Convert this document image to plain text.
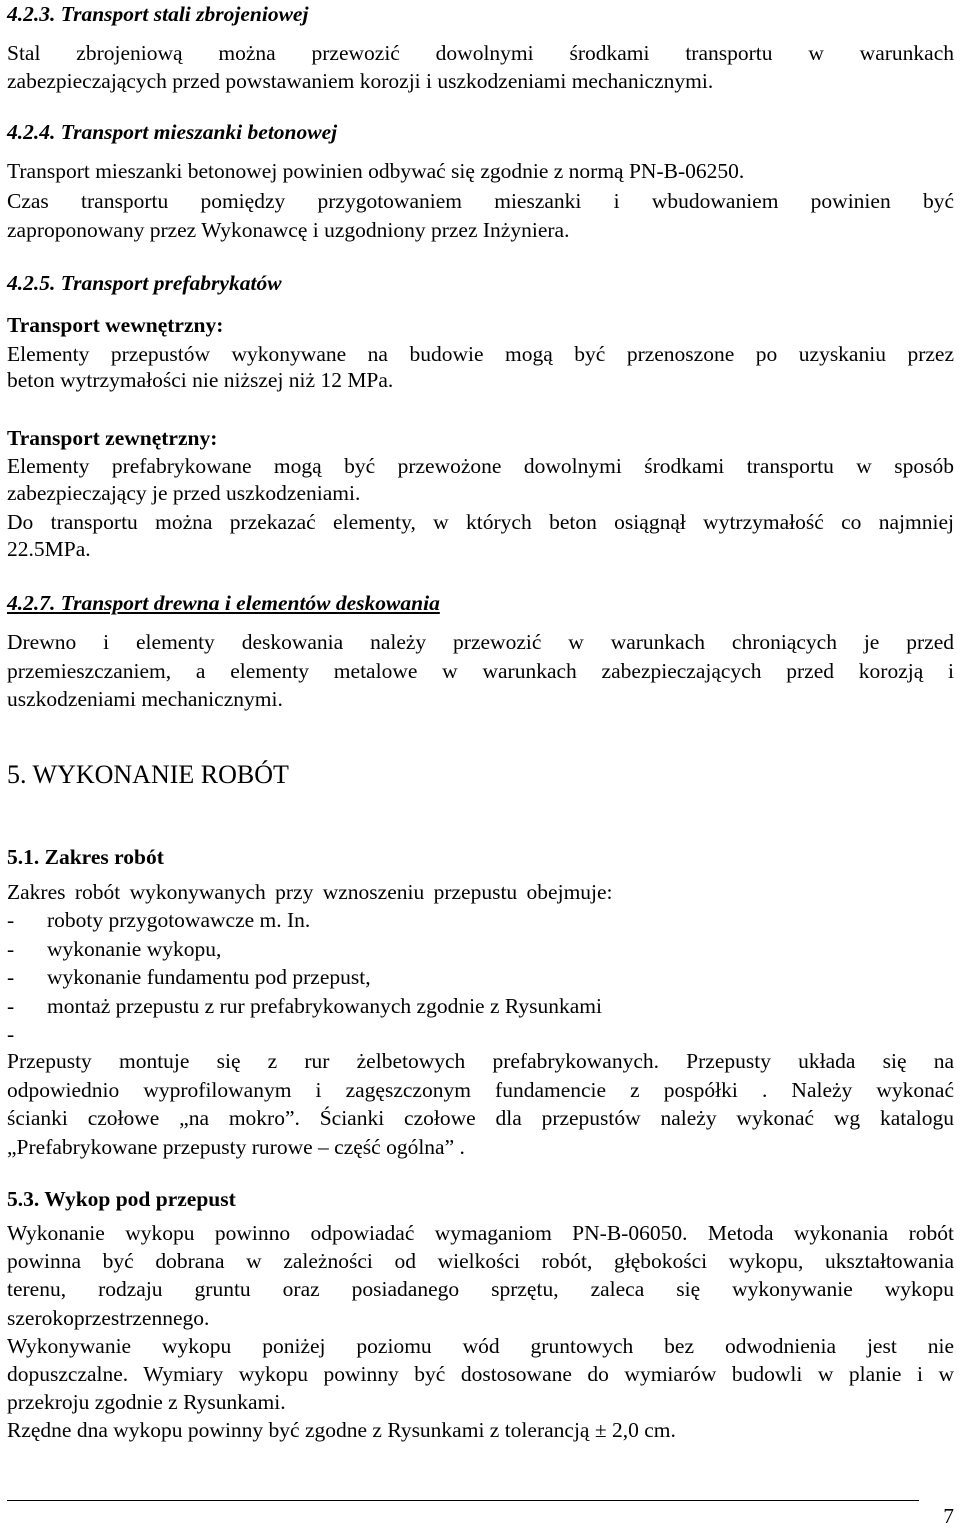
4.2.3. Transport stali zbrojeniowej

Stal zbrojeniową można przewozić dowolnymi środkami transportu w warunkach

zabezpieczających przed powstawaniem korozji i uszkodzeniami mechanicznymi.

4.2.4. Transport mieszanki betonowej

Transport mieszanki betonowej powinien odbywać się zgodnie z normą PN-B-06250.

Czas transportu pomiędzy przygotowaniem mieszanki i wbudowaniem powinien być

zaproponowany przez Wykonawcę i uzgodniony przez Inżyniera.

4.2.5. Transport prefabrykatów

Transport wewnętrzny:

Elementy przepustów wykonywane na budowie mogą być przenoszone po uzyskaniu przez

beton wytrzymałości nie niższej niż 12 MPa.

Transport zewnętrzny:

Elementy prefabrykowane mogą być przewożone dowolnymi środkami transportu w sposób

zabezpieczający je przed uszkodzeniami.

Do transportu można przekazać elementy, w których beton osiągnął wytrzymałość co najmniej

22.5MPa.

4.2.7. Transport drewna i elementów deskowania

Drewno i elementy deskowania należy przewozić w warunkach chroniących je przed

przemieszczaniem, a elementy metalowe w warunkach zabezpieczających przed korozją i

uszkodzeniami mechanicznymi.

5. WYKONANIE ROBÓT

5.1. Zakres robót

Zakres robót wykonywanych przy wznoszeniu przepustu obejmuje:

-	roboty przygotowawcze m. In.
-	wykonanie wykopu,
-	wykonanie fundamentu pod przepust,
-	montaż przepustu z rur prefabrykowanych zgodnie z Rysunkami
-

Przepusty montuje się z rur żelbetowych prefabrykowanych. Przepusty układa się na

odpowiednio wyprofilowanym i zagęszczonym fundamencie z pospółki . Należy wykonać

ścianki czołowe „na mokro”. Ścianki czołowe dla przepustów należy wykonać wg katalogu

„Prefabrykowane przepusty rurowe – część ogólna” .

5.3. Wykop pod przepust

Wykonanie wykopu powinno odpowiadać wymaganiom PN-B-06050. Metoda wykonania robót

powinna być dobrana w zależności od wielkości robót, głębokości wykopu, ukształtowania

terenu, rodzaju gruntu oraz posiadanego sprzętu, zaleca się wykonywanie wykopu

szerokoprzestrzennego.

Wykonywanie wykopu poniżej poziomu wód gruntowych bez odwodnienia jest nie

dopuszczalne. Wymiary wykopu powinny być dostosowane do wymiarów budowli w planie i w

przekroju zgodnie z Rysunkami.

Rzędne dna wykopu powinny być zgodne z Rysunkami z tolerancją ± 2,0 cm.

7
